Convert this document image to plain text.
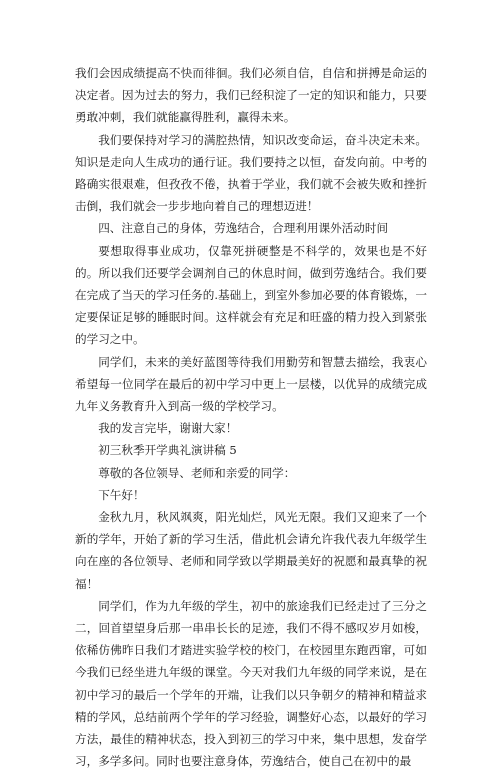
我们会因成绩提高不快而徘徊。我们必须自信，自信和拼搏是命运的决定者。因为过去的努力，我们已经积淀了一定的知识和能力，只要勇敢冲刺，我们就能赢得胜利，赢得未来。

我们要保持对学习的满腔热情，知识改变命运，奋斗决定未来。知识是走向人生成功的通行证。我们要持之以恒，奋发向前。中考的路确实很艰难，但孜孜不倦，执着于学业，我们就不会被失败和挫折击倒，我们就会一步步地向着自己的理想迈进！

四、注意自己的身体，劳逸结合，合理利用课外活动时间

要想取得事业成功，仅靠死拼硬整是不科学的，效果也是不好的。所以我们还要学会调剂自己的休息时间，做到劳逸结合。我们要在完成了当天的学习任务的.基础上，到室外参加必要的体育锻炼，一定要保证足够的睡眠时间。这样就会有充足和旺盛的精力投入到紧张的学习之中。

同学们，未来的美好蓝图等待我们用勤劳和智慧去描绘，我衷心希望每一位同学在最后的初中学习中更上一层楼，以优异的成绩完成九年义务教育升入到高一级的学校学习。

我的发言完毕，谢谢大家！

初三秋季开学典礼演讲稿 5

尊敬的各位领导、老师和亲爱的同学：

下午好！

金秋九月，秋风飒爽，阳光灿烂，风光无限。我们又迎来了一个新的学年，开始了新的学习生活，借此机会请允许我代表九年级学生向在座的各位领导、老师和同学致以学期最美好的祝愿和最真挚的祝福！

同学们，作为九年级的学生，初中的旅途我们已经走过了三分之二，回首望望身后那一串串长长的足迹，我们不得不感叹岁月如梭，依稀仿佛昨日我们才踏进实验学校的校门，在校园里东跑西窜，可如今我们已经坐进九年级的课堂。今天对我们九年级的同学来说，是在初中学习的最后一个学年的开端，让我们以只争朝夕的精神和精益求精的学风，总结前两个学年的学习经验，调整好心态，以最好的学习方法，最佳的精神状态，投入到初三的学习中来，集中思想，发奋学习，多学多问。同时也要注意身体，劳逸结合，使自己在初中的最
